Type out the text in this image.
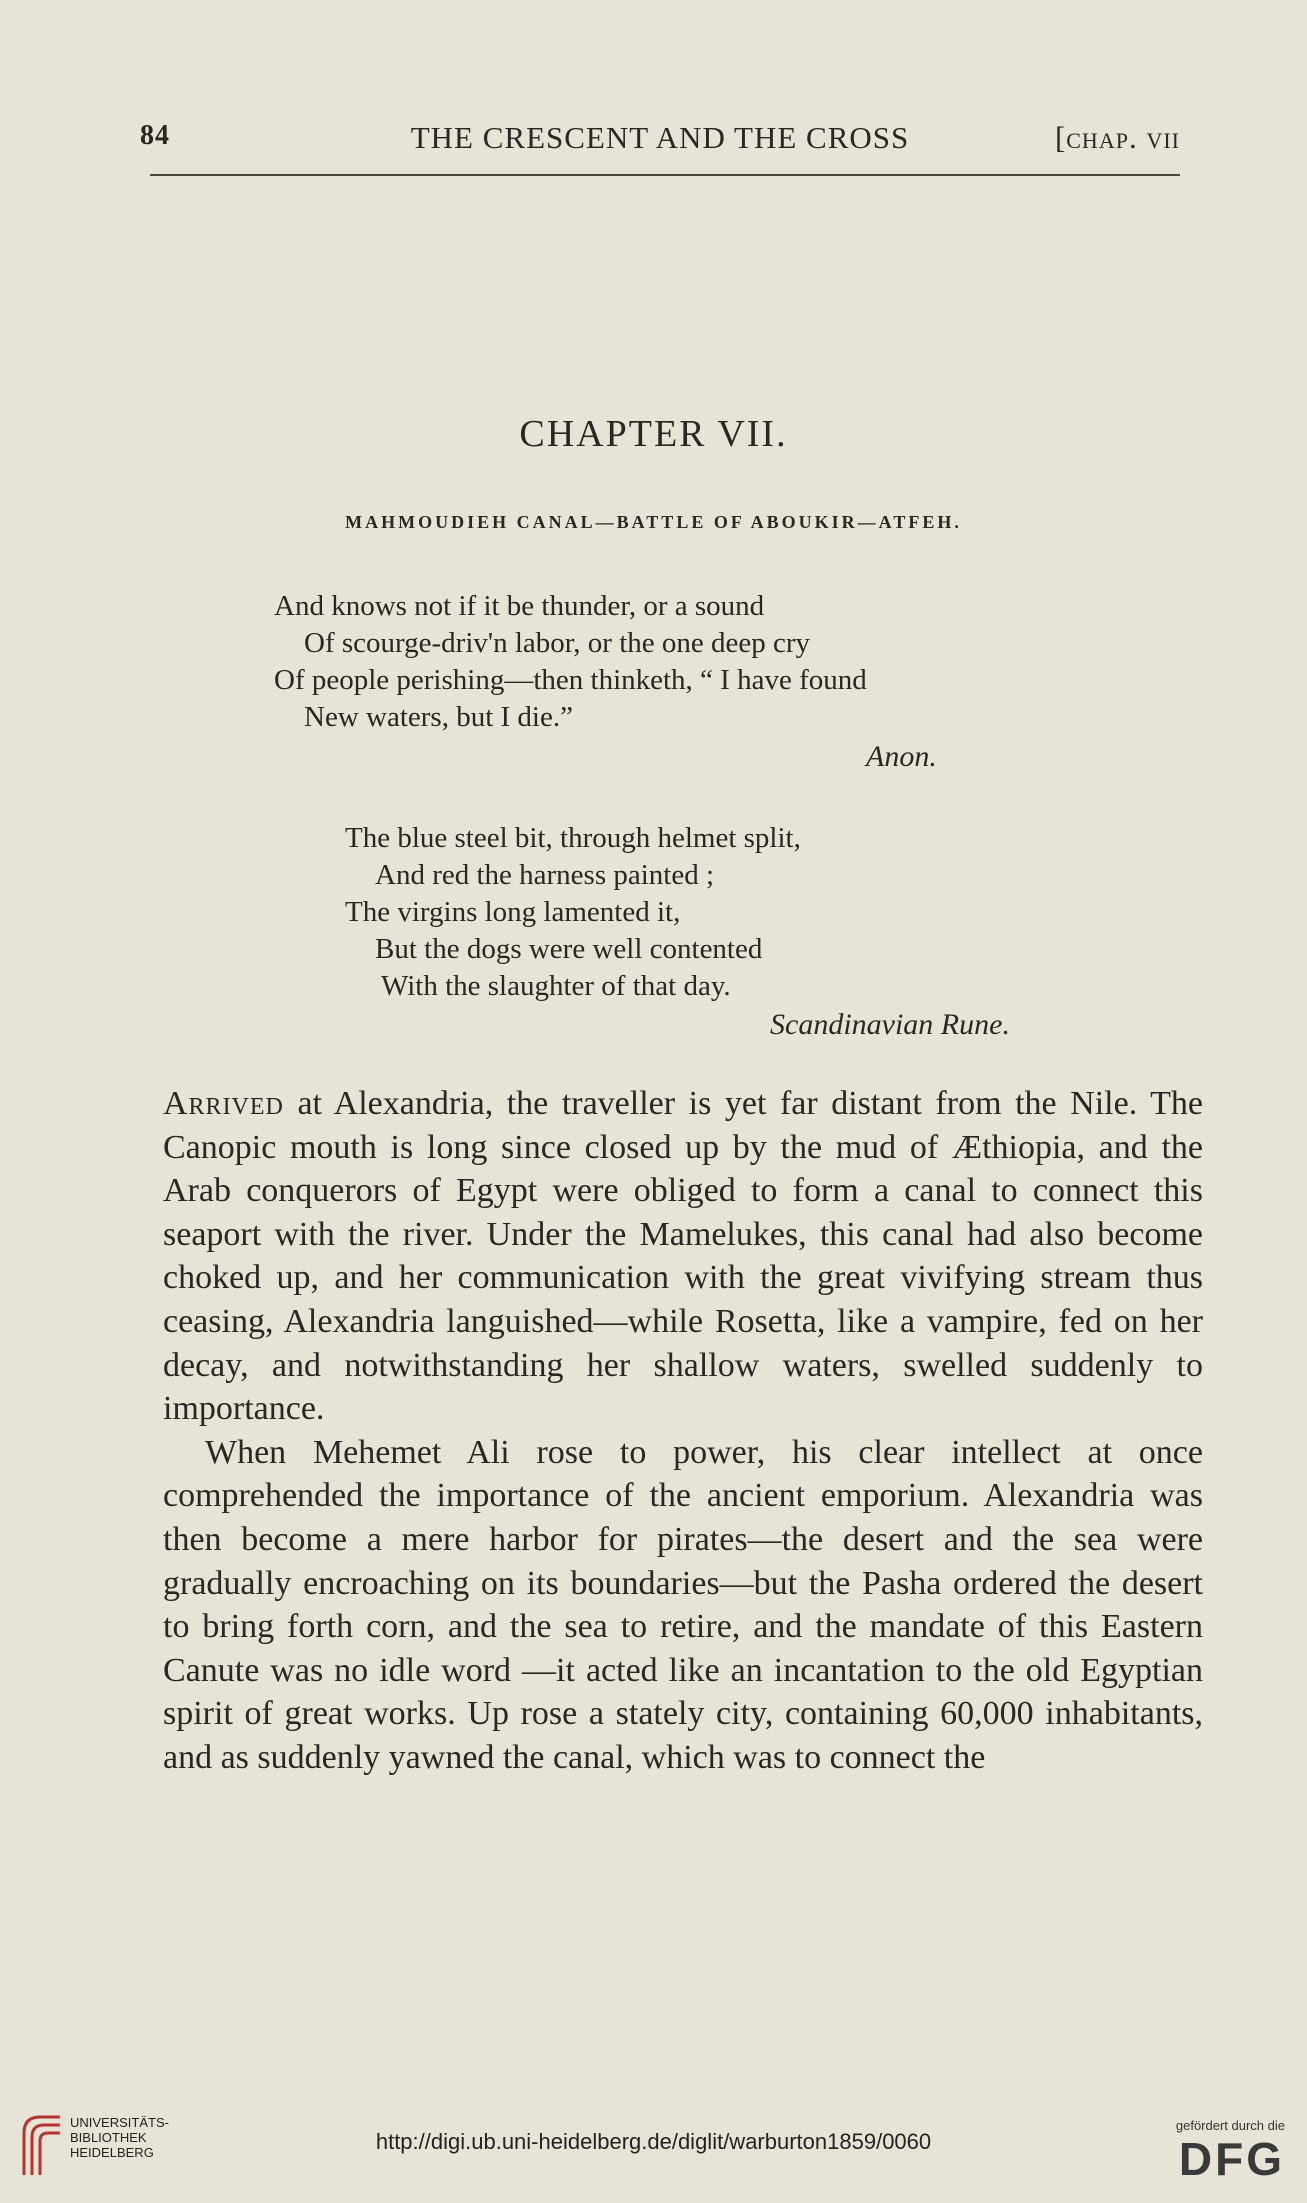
84	THE CRESCENT AND THE CROSS	[chap. vii
CHAPTER VII.
MAHMOUDIEH CANAL—BATTLE OF ABOUKIR—ATFEH.
And knows not if it be thunder, or a sound
Of scourge-driv'n labor, or the one deep cry
Of people perishing—then thinketh, “ I have found
New waters, but I die.”
Anon.
The blue steel bit, through helmet split,
And red the harness painted ;
The virgins long lamented it,
But the dogs were well contented
With the slaughter of that day.
Scandinavian Rune.

Arrived at Alexandria, the traveller is yet far distant from the Nile. The Canopic mouth is long since closed up by the mud of Æthiopia, and the Arab conquerors of Egypt were obliged to form a canal to connect this seaport with the river. Under the Mamelukes, this canal had also become choked up, and her communication with the great vivifying stream thus ceasing, Alexandria languished—while Rosetta, like a vampire, fed on her decay, and notwithstanding her shallow waters, swelled suddenly to importance.

When Mehemet Ali rose to power, his clear intellect at once comprehended the importance of the ancient emporium. Alexandria was then become a mere harbor for pirates—the desert and the sea were gradually encroaching on its boundaries—but the Pasha ordered the desert to bring forth corn, and the sea to retire, and the mandate of this Eastern Canute was no idle word —it acted like an incantation to the old Egyptian spirit of great works. Up rose a stately city, containing 60,000 inhabitants, and as suddenly yawned the canal, which was to connect the

UNIVERSITÄTS-
BIBLIOTHEK
HEIDELBERG	http://digi.ub.uni-heidelberg.de/diglit/warburton1859/0060
gefördert durch die
DFG
